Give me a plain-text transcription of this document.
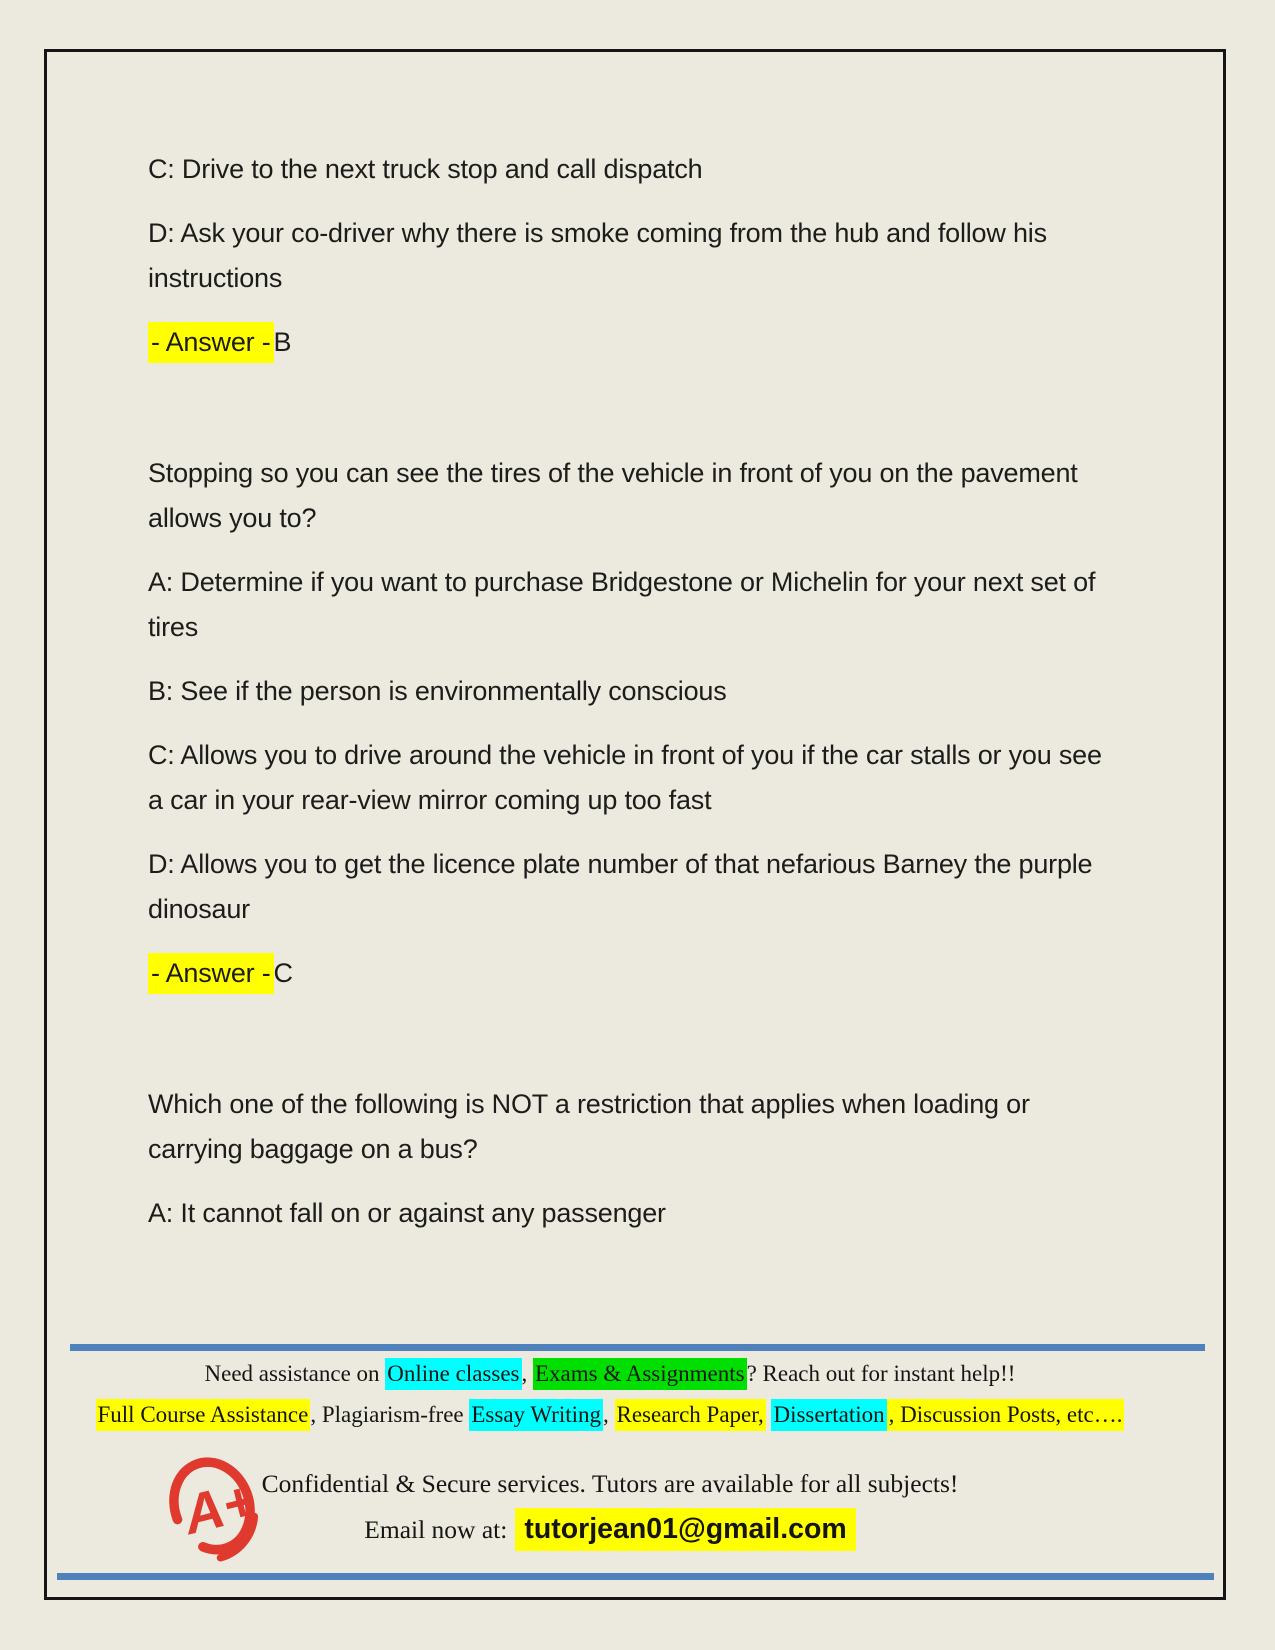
C: Drive to the next truck stop and call dispatch

D: Ask your co-driver why there is smoke coming from the hub and follow his instructions

- Answer - B

Stopping so you can see the tires of the vehicle in front of you on the pavement allows you to?

A: Determine if you want to purchase Bridgestone or Michelin for your next set of tires

B: See if the person is environmentally conscious

C: Allows you to drive around the vehicle in front of you if the car stalls or you see a car in your rear-view mirror coming up too fast

D: Allows you to get the licence plate number of that nefarious Barney the purple dinosaur

- Answer - C

Which one of the following is NOT a restriction that applies when loading or carrying baggage on a bus?

A: It cannot fall on or against any passenger

Need assistance on Online classes, Exams & Assignments? Reach out for instant help!!

Full Course Assistance, Plagiarism-free Essay Writing, Research Paper, Dissertation , Discussion Posts, etc….

A+ Confidential & Secure services. Tutors are available for all subjects!

Email now at: tutorjean01@gmail.com
